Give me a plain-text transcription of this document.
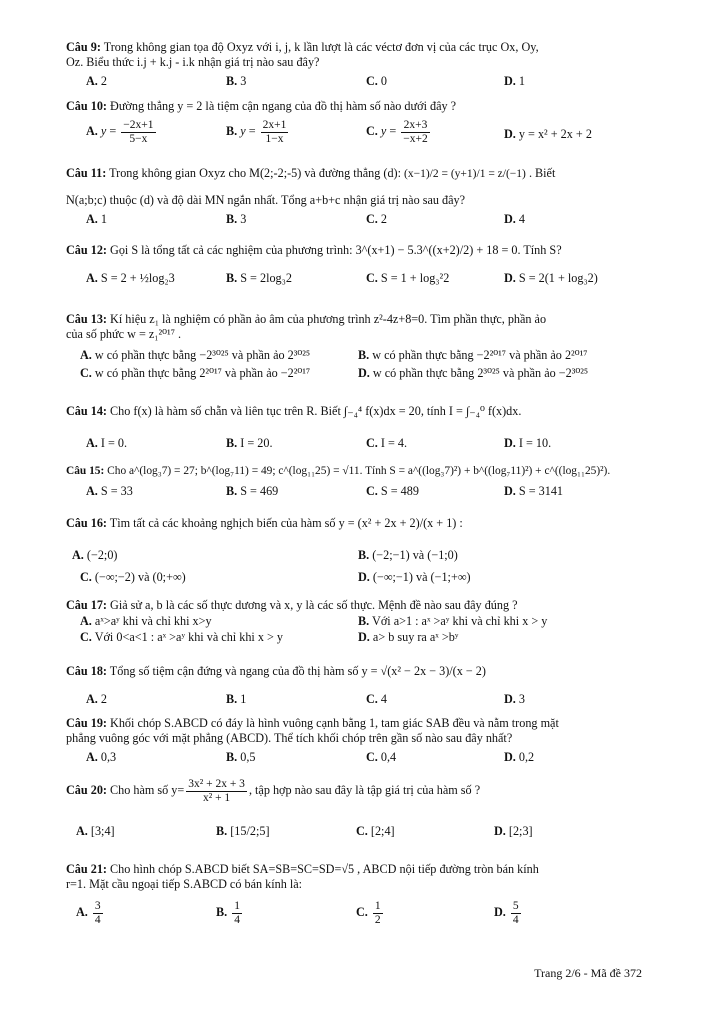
Câu 9: Trong không gian tọa độ Oxyz với i, j, k lần lượt là các véctơ đơn vị của các trục Ox, Oy,
Oz. Biểu thức i.j + k.j - i.k nhận giá trị nào sau đây?
A. 2	B. 3	C. 0	D. 1
Câu 10: Đường thẳng y = 2 là tiệm cận ngang của đồ thị hàm số nào dưới đây ?
A. $y = \frac{-2x+1}{5-x}$	B. $y = \frac{2x+1}{1-x}$	C. $y = \frac{2x+3}{-x+2}$	D. y = x² + 2x + 2
Câu 11: Trong không gian Oxyz cho M(2;-2;-5) và đường thẳng (d): (x−1)/2 = (y+1)/1 = z/(−1) . Biết
N(a;b;c) thuộc (d) và độ dài MN ngắn nhất. Tổng a+b+c nhận giá trị nào sau đây?
A. 1	B. 3	C. 2	D. 4
Câu 12: Gọi S là tổng tất cả các nghiệm của phương trình: 3^(x+1) − 5.3^((x+2)/2) + 18 = 0. Tính S?
A. S = 2 + ½log₂3	B. S = 2log₃2	C. S = 1 + log₃²2	D. S = 2(1 + log₃2)
Câu 13: Kí hiệu z₁ là nghiệm có phần ảo âm của phương trình z²-4z+8=0. Tìm phần thực, phần ảo
của số phức w = z₁²⁰¹⁷ .
A. w có phần thực bằng −2³⁰²⁵ và phần ảo 2³⁰²⁵	B. w có phần thực bằng −2²⁰¹⁷ và phần ảo 2²⁰¹⁷
C. w có phần thực bằng 2²⁰¹⁷ và phần ảo −2²⁰¹⁷	D. w có phần thực bằng 2³⁰²⁵ và phần ảo −2³⁰²⁵
Câu 14: Cho f(x) là hàm số chẵn và liên tục trên R. Biết ∫₋₄⁴ f(x)dx = 20, tính I = ∫₋₄⁰ f(x)dx.
A. I = 0.	B. I = 20.	C. I = 4.	D. I = 10.
Câu 15: Cho a^(log₃7) = 27; b^(log₇11) = 49; c^(log₁₁25) = √11. Tính S = a^((log₃7)²) + b^((log₇11)²) + c^((log₁₁25)²).
A. S = 33	B. S = 469	C. S = 489	D. S = 3141
Câu 16: Tìm tất cả các khoảng nghịch biến của hàm số y = (x² + 2x + 2)/(x + 1) :
A. (−2;0)	B. (−2;−1) và (−1;0)
C. (−∞;−2) và (0;+∞)	D. (−∞;−1) và (−1;+∞)
Câu 17: Giả sử a, b là các số thực dương và x, y là các số thực. Mệnh đề nào sau đây đúng ?
A. aˣ>aʸ khi và chỉ khi x>y	B. Với a>1 : aˣ >aʸ khi và chỉ khi x > y
C. Với 0<a<1 : aˣ >aʸ khi và chỉ khi x > y	D. a> b suy ra aˣ >bʸ
Câu 18: Tổng số tiệm cận đứng và ngang của đồ thị hàm số y = √(x² − 2x − 3)/(x − 2)
A. 2	B. 1	C. 4	D. 3
Câu 19: Khối chóp S.ABCD có đáy là hình vuông cạnh bằng 1, tam giác SAB đều và nằm trong mặt
phẳng vuông góc với mặt phẳng (ABCD). Thể tích khối chóp trên gần số nào sau đây nhất?
A. 0,3	B. 0,5	C. 0,4	D. 0,2
Câu 20: Cho hàm số $y= \frac{\text{3x² + 2x + 3}}{\text{x² + 1}}$ , tập hợp nào sau đây là tập giá trị của hàm số ?
A. [3;4]	B. [15/2;5]	C. [2;4]	D. [2;3]
Câu 21: Cho hình chóp S.ABCD biết SA=SB=SC=SD=√5 , ABCD nội tiếp đường tròn bán kính
r=1. Mặt cầu ngoại tiếp S.ABCD có bán kính là:
A. $\frac{3}{4}$	B. $\frac{1}{4}$	C. $\frac{1}{2}$	D. $\frac{5}{4}$
Trang 2/6 - Mã đề 372
